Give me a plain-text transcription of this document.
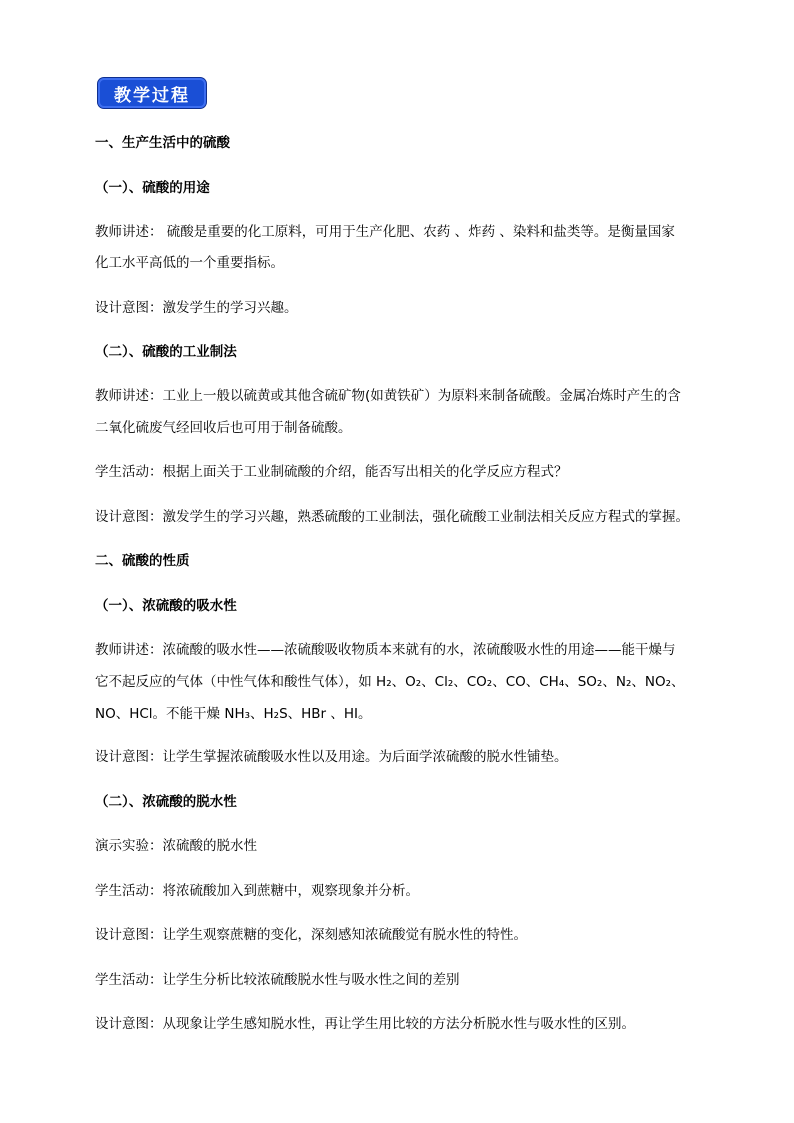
教学过程
一、生产生活中的硫酸
（一）、硫酸的用途
教师讲述： 硫酸是重要的化工原料，可用于生产化肥、农药 、炸药 、染料和盐类等。是衡量国家
化工水平高低的一个重要指标。
设计意图：激发学生的学习兴趣。
（二）、硫酸的工业制法
教师讲述：工业上一般以硫黄或其他含硫矿物(如黄铁矿）为原料来制备硫酸。金属冶炼时产生的含
二氧化硫废气经回收后也可用于制备硫酸。
学生活动：根据上面关于工业制硫酸的介绍，能否写出相关的化学反应方程式？
设计意图：激发学生的学习兴趣，熟悉硫酸的工业制法，强化硫酸工业制法相关反应方程式的掌握。
二、硫酸的性质
（一）、浓硫酸的吸水性
教师讲述：浓硫酸的吸水性——浓硫酸吸收物质本来就有的水，浓硫酸吸水性的用途——能干燥与
它不起反应的气体（中性气体和酸性气体），如 H₂、O₂、Cl₂、CO₂、CO、CH₄、SO₂、N₂、NO₂、
NO、HCl。不能干燥 NH₃、H₂S、HBr 、HI。
设计意图：让学生掌握浓硫酸吸水性以及用途。为后面学浓硫酸的脱水性铺垫。
（二）、浓硫酸的脱水性
演示实验：浓硫酸的脱水性
学生活动：将浓硫酸加入到蔗糖中，观察现象并分析。
设计意图：让学生观察蔗糖的变化，深刻感知浓硫酸觉有脱水性的特性。
学生活动：让学生分析比较浓硫酸脱水性与吸水性之间的差别
设计意图：从现象让学生感知脱水性，再让学生用比较的方法分析脱水性与吸水性的区别。
